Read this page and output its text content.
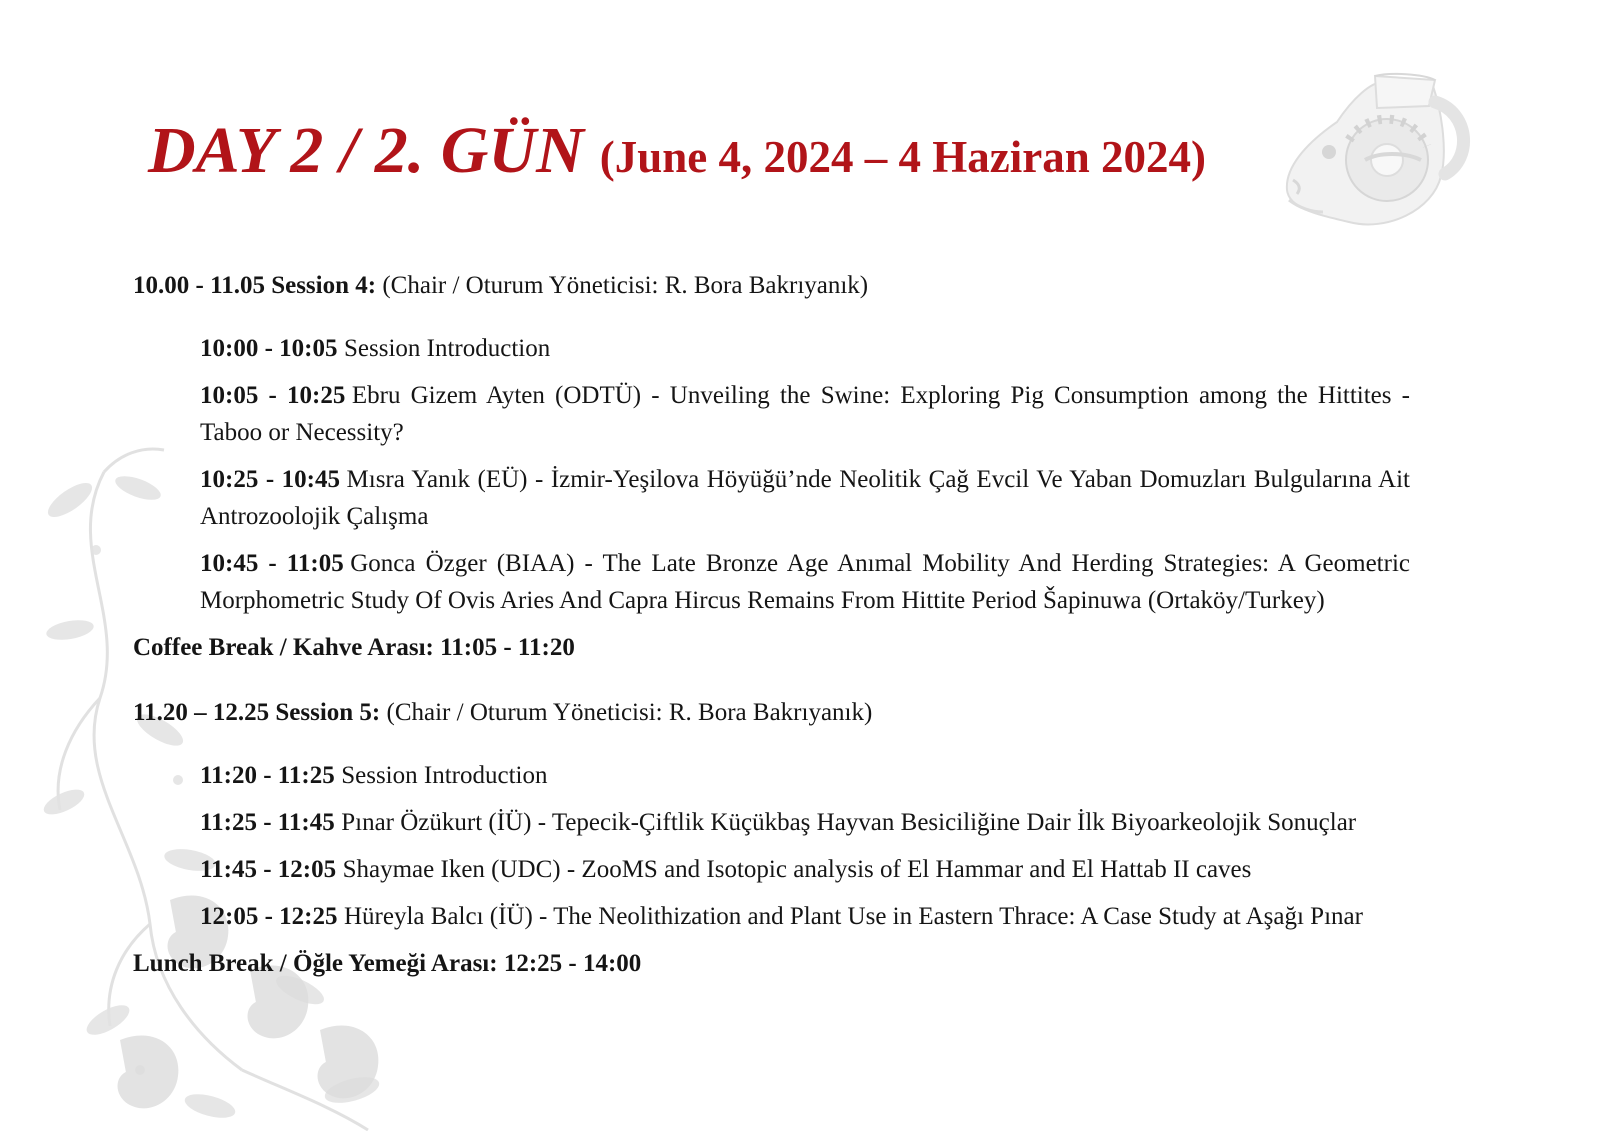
DAY 2 / 2. GÜN (June 4, 2024 – 4 Haziran 2024)
10.00 - 11.05 Session 4: (Chair / Oturum Yöneticisi: R. Bora Bakrıyanık)

10:00 - 10:05 Session Introduction

10:05 - 10:25 Ebru Gizem Ayten (ODTÜ) - Unveiling the Swine: Exploring Pig Consumption among the Hittites - Taboo or Necessity?

10:25 - 10:45 Mısra Yanık (EÜ) - İzmir-Yeşilova Höyüğü’nde Neolitik Çağ Evcil Ve Yaban Domuzları Bulgularına Ait Antrozoolojik Çalışma

10:45 - 11:05 Gonca Özger (BIAA) - The Late Bronze Age Anımal Mobility And Herding Strategies: A Geometric Morphometric Study Of Ovis Aries And Capra Hircus Remains From Hittite Period Šapinuwa (Ortaköy/Turkey)

Coffee Break / Kahve Arası: 11:05 - 11:20
11.20 – 12.25 Session 5: (Chair / Oturum Yöneticisi: R. Bora Bakrıyanık)

11:20 - 11:25 Session Introduction

11:25 - 11:45 Pınar Özükurt (İÜ) - Tepecik-Çiftlik Küçükbaş Hayvan Besiciliğine Dair İlk Biyoarkeolojik Sonuçlar

11:45 - 12:05 Shaymae Iken (UDC) - ZooMS and Isotopic analysis of El Hammar and El Hattab II caves

12:05 - 12:25 Hüreyla Balcı (İÜ) - The Neolithization and Plant Use in Eastern Thrace: A Case Study at Aşağı Pınar

Lunch Break / Öğle Yemeği Arası: 12:25 - 14:00
